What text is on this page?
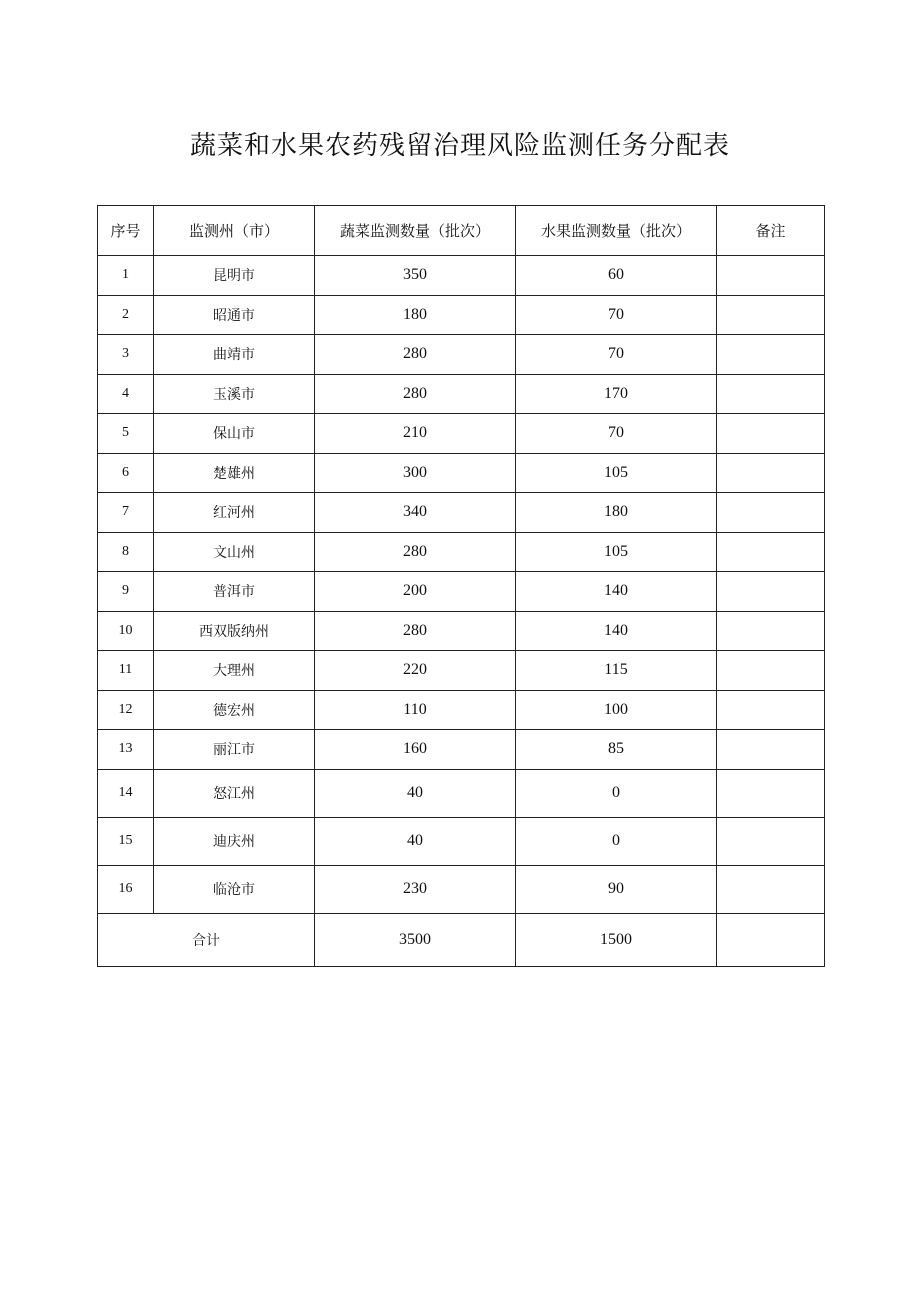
蔬菜和水果农药残留治理风险监测任务分配表
序号	监测州（市）	蔬菜监测数量（批次）	水果监测数量（批次）	备注
1	昆明市	350	60	
2	昭通市	180	70	
3	曲靖市	280	70	
4	玉溪市	280	170	
5	保山市	210	70	
6	楚雄州	300	105	
7	红河州	340	180	
8	文山州	280	105	
9	普洱市	200	140	
10	西双版纳州	280	140	
11	大理州	220	115	
12	德宏州	110	100	
13	丽江市	160	85	
14	怒江州	40	0	
15	迪庆州	40	0	
16	临沧市	230	90	
合计		3500	1500	
